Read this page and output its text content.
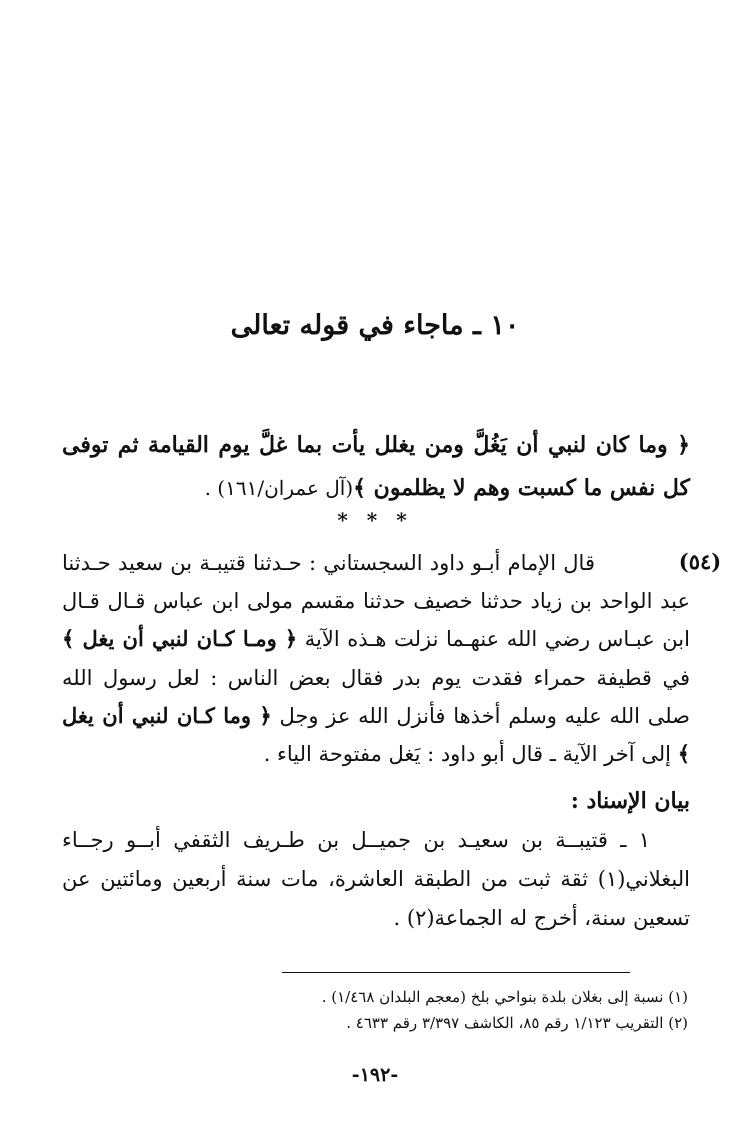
١٠ ـ ماجاء في قوله تعالى

﴿ وما كان لنبي أن يَغُلَّ ومن يغلل يأت بما غلَّ يوم القيامة ثم توفى كل نفس ما كسبت وهم لا يظلمون ﴾(آل عمران/١٦١) .

* * *
(٥٤)

قال الإمام أبـو داود السجستاني : حـدثنا قتيبـة بن سعيد حـدثنا عبد الواحد بن زياد حدثنا خصيف حدثنا مقسم مولى ابن عباس قـال قـال ابن عبـاس رضي الله عنهـما نزلت هـذه الآية ﴿ ومـا كـان لنبي أن يغل ﴾ في قطيفة حمراء فقدت يوم بدر فقال بعض الناس : لعل رسول الله صلى الله عليه وسلم أخذها فأنزل الله عز وجل ﴿ وما كـان لنبي أن يغل ﴾ إلى آخر الآية ـ قال أبو داود : يَغل مفتوحة الياء .

بيان الإسناد :

١ ـ قتيبــة بن سعيـد بن جميــل بن طـريف الثقفي أبــو رجــاء البغلاني(١) ثقة ثبت من الطبقة العاشرة، مات سنة أربعين ومائتين عن تسعين سنة، أخرج له الجماعة(٢) .

(١) نسبة إلى بغلان بلدة بنواحي بلخ (معجم البلدان ١/٤٦٨) .

(٢) التقريب ١/١٢٣ رقم ٨٥، الكاشف ٣/٣٩٧ رقم ٤٦٣٣ .

-١٩٢-
